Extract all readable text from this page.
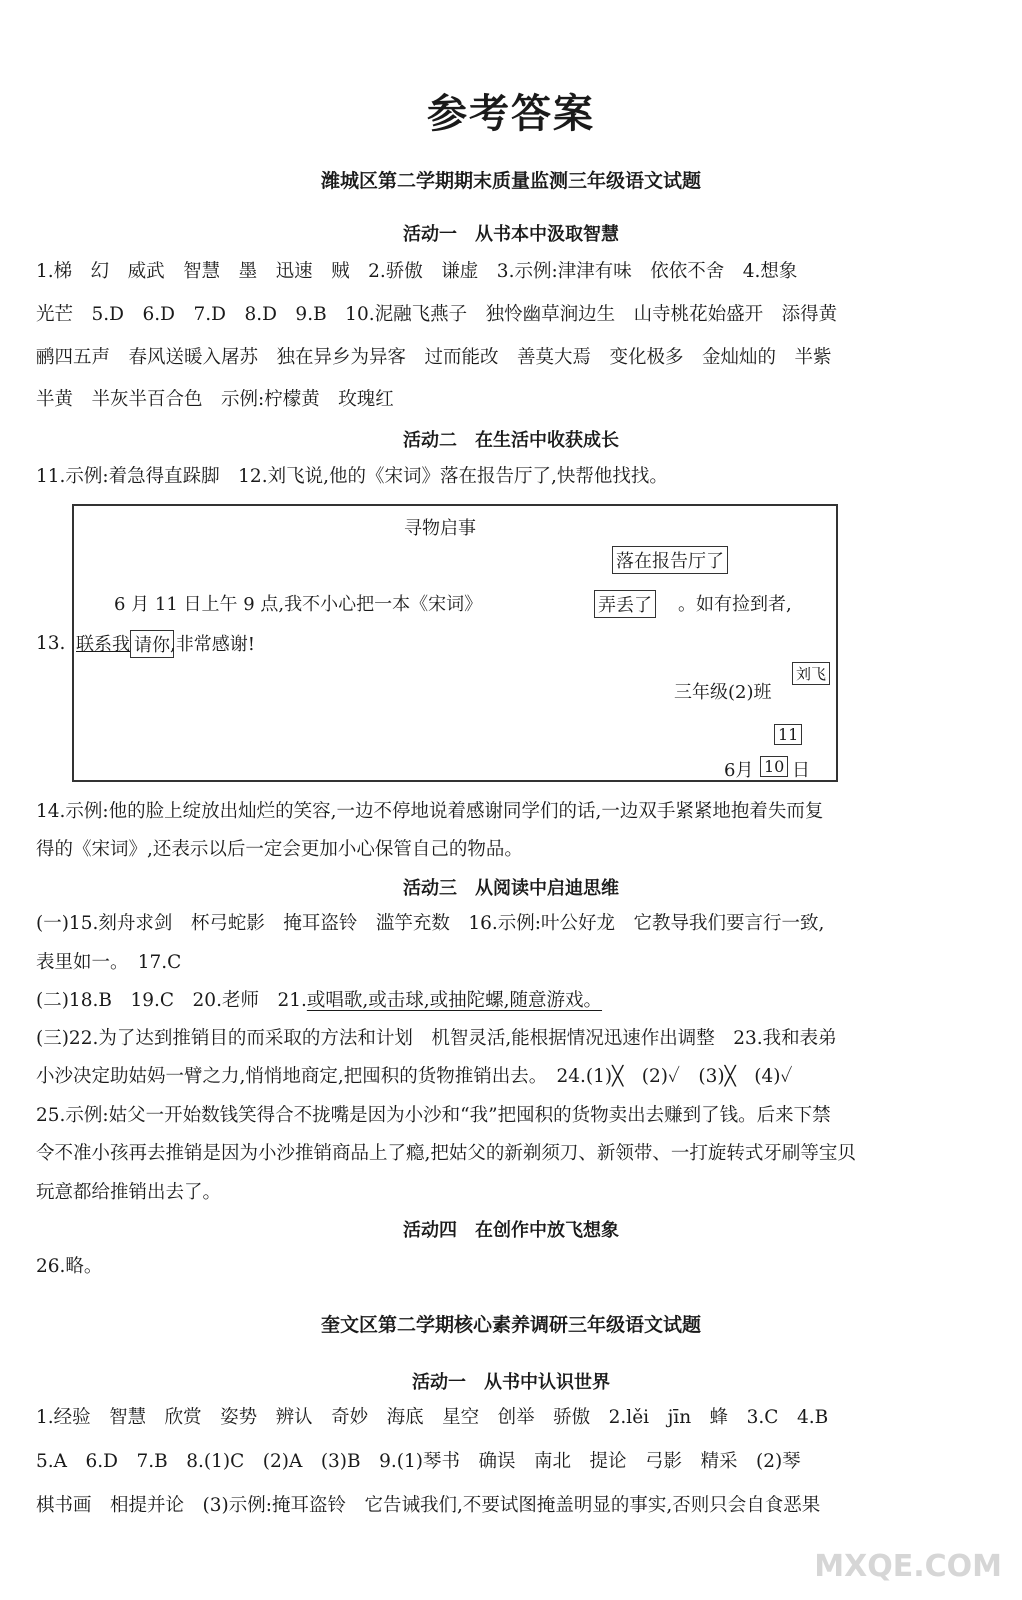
参考答案
潍城区第二学期期末质量监测三年级语文试题
活动一　从书本中汲取智慧
1.梯　幻　威武　智慧　墨　迅速　贼　2.骄傲　谦虚　3.示例:津津有味　依依不舍　4.想象
光芒　5.D　6.D　7.D　8.D　9.B　10.泥融飞燕子　独怜幽草涧边生　山寺桃花始盛开　添得黄
鹂四五声　春风送暖入屠苏　独在异乡为异客　过而能改　善莫大焉　变化极多　金灿灿的　半紫
半黄　半灰半百合色　示例:柠檬黄　玫瑰红
活动二　在生活中收获成长
11.示例:着急得直跺脚　12.刘飞说,他的《宋词》落在报告厅了,快帮他找找。
13.
寻物启事
落在报告厅了
6 月 11 日上午 9 点,我不小心把一本《宋词》	弄丢了 。如有捡到者,
联系我 请你 ,非常感谢!
三年级(2)班
刘飞
11
6月 10 日
14.示例:他的脸上绽放出灿烂的笑容,一边不停地说着感谢同学们的话,一边双手紧紧地抱着失而复
得的《宋词》,还表示以后一定会更加小心保管自己的物品。
活动三　从阅读中启迪思维
(一)15.刻舟求剑　杯弓蛇影　掩耳盗铃　滥竽充数　16.示例:叶公好龙　它教导我们要言行一致,
表里如一。　17.C
(二)18.B　19.C　20.老师　21.或唱歌,或击球,或抽陀螺,随意游戏。
(三)22.为了达到推销目的而采取的方法和计划　机智灵活,能根据情况迅速作出调整　23.我和表弟
小沙决定助姑妈一臂之力,悄悄地商定,把囤积的货物推销出去。　24.(1)╳　(2)✓　(3)╳　(4)✓
25.示例:姑父一开始数钱笑得合不拢嘴是因为小沙和“我”把囤积的货物卖出去赚到了钱。后来下禁
令不准小孩再去推销是因为小沙推销商品上了瘾,把姑父的新剃须刀、新领带、一打旋转式牙刷等宝贝
玩意都给推销出去了。
活动四　在创作中放飞想象
26.略。
奎文区第二学期核心素养调研三年级语文试题
活动一　从书中认识世界
1.经验　智慧　欣赏　姿势　辨认　奇妙　海底　星空　创举　骄傲　2.lěi　jīn　蜂　3.C　4.B
5.A　6.D　7.B　8.(1)C　(2)A　(3)B　9.(1)琴书　确误　南北　提论　弓影　精采　(2)琴
棋书画　相提并论　(3)示例:掩耳盗铃　它告诫我们,不要试图掩盖明显的事实,否则只会自食恶果
MXQE.COM
